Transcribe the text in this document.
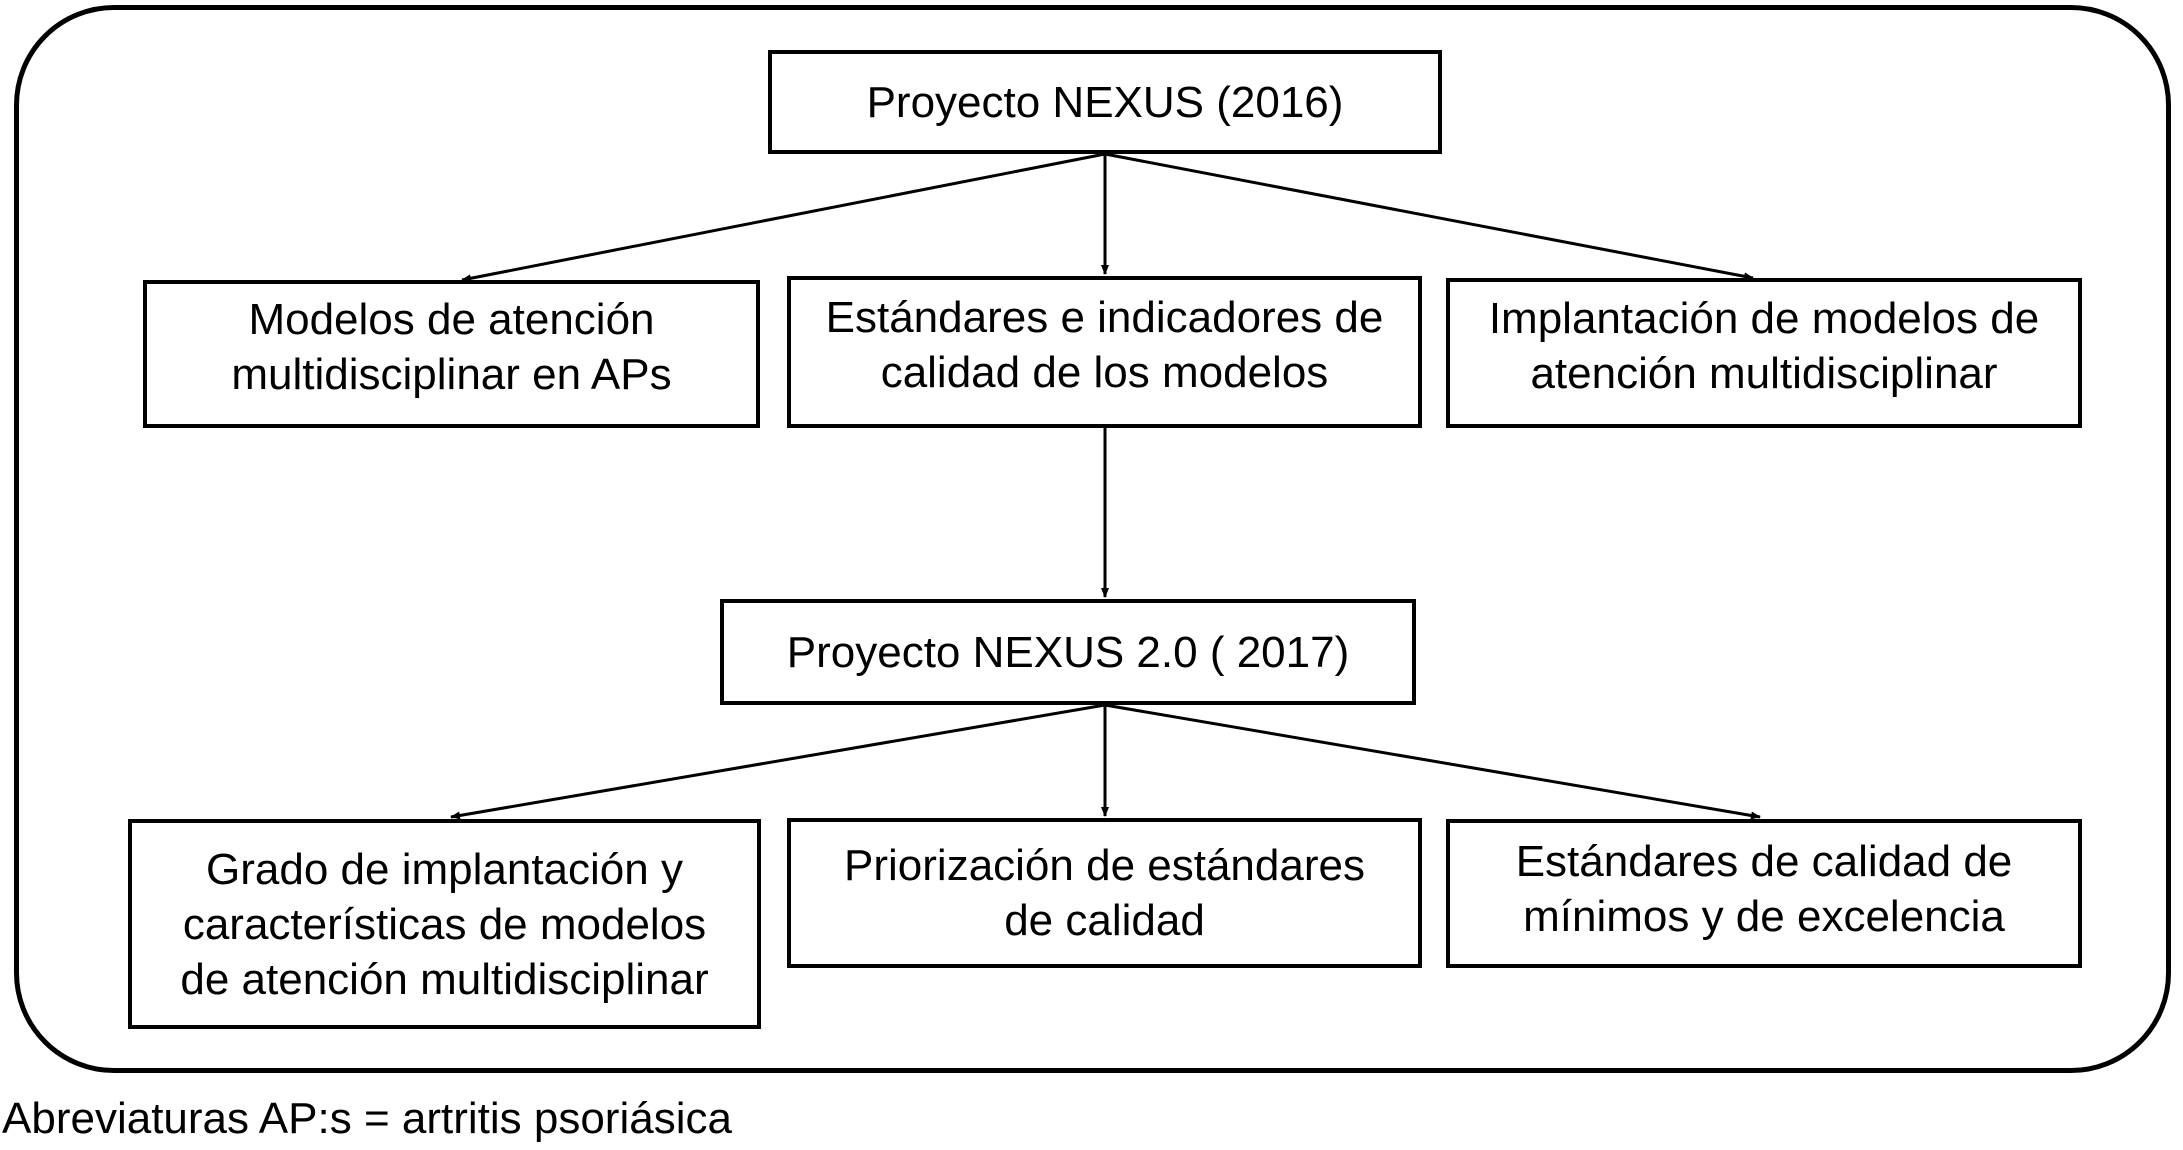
Proyecto NEXUS (2016)
Modelos de atención
multidisciplinar en APs
Estándares e indicadores de
calidad de los modelos
Implantación de modelos de
atención multidisciplinar
Proyecto NEXUS 2.0 ( 2017)
Grado de implantación y
características de modelos
de atención multidisciplinar
Priorización de estándares
de calidad
Estándares de calidad de
mínimos y de excelencia
Abreviaturas AP:s = artritis psoriásica
